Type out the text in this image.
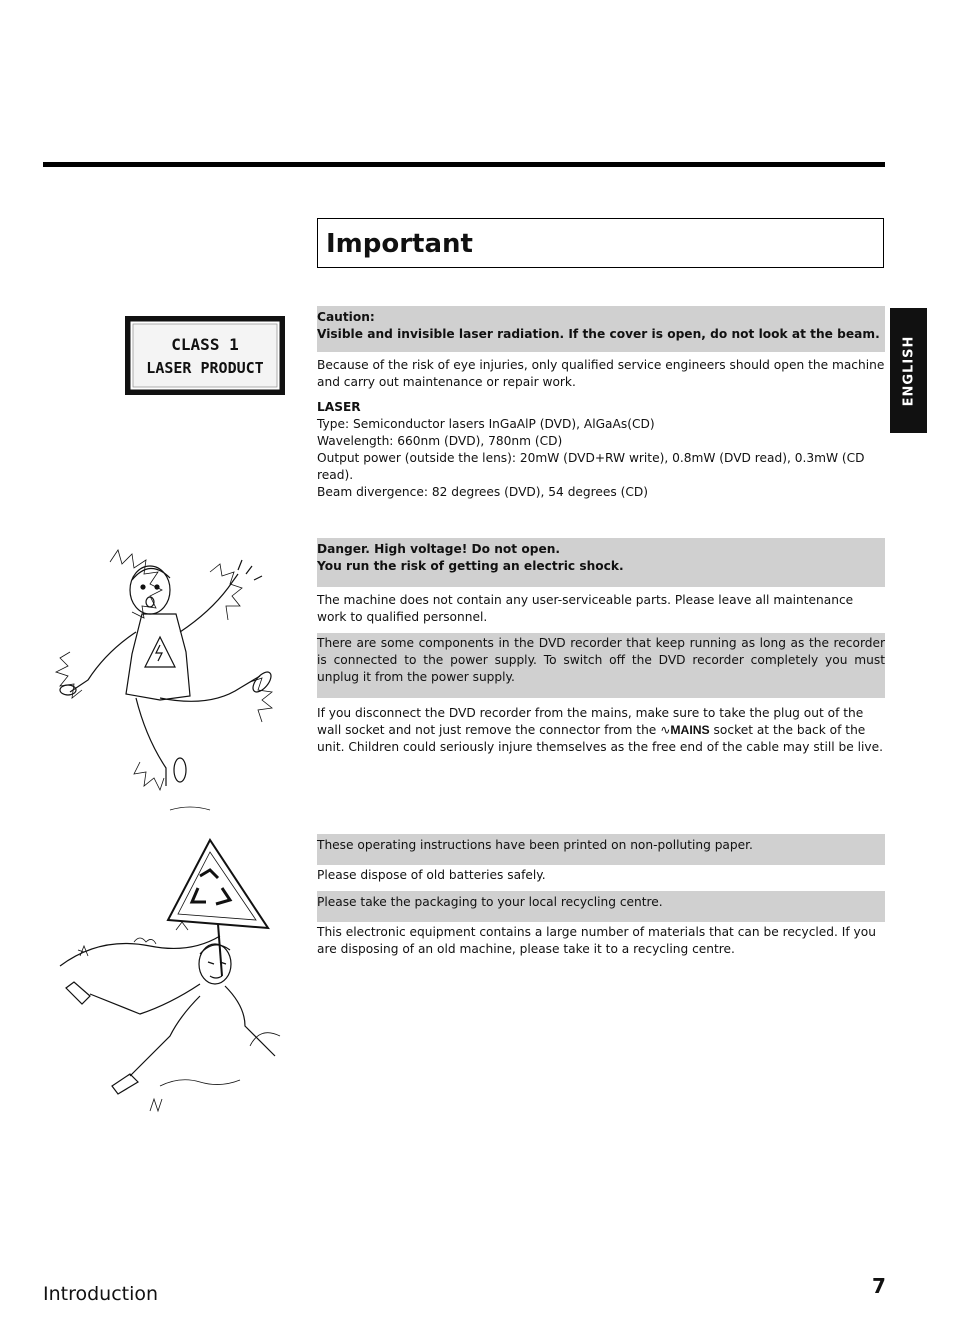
Important
ENGLISH
CLASS 1
LASER PRODUCT

Caution:

Visible and invisible laser radiation. If the cover is open, do not look at the beam.

Because of the risk of eye injuries, only qualified service engineers should open the machine and carry out maintenance or repair work.

LASER

Type: Semiconductor lasers InGaAlP (DVD), AlGaAs(CD)

Wavelength: 660nm (DVD), 780nm (CD)

Output power (outside the lens): 20mW (DVD+RW write), 0.8mW (DVD read), 0.3mW (CD read).

Beam divergence: 82 degrees (DVD), 54 degrees (CD)

Danger. High voltage! Do not open.

You run the risk of getting an electric shock.

The machine does not contain any user-serviceable parts. Please leave all maintenance work to qualified personnel.

There are some components in the DVD recorder that keep running as long as the recorder is connected to the power supply. To switch off the DVD recorder completely you must unplug it from the power supply.

If you disconnect the DVD recorder from the mains, make sure to take the plug out of the wall socket and not just remove the connector from the ∿MAINS socket at the back of the unit. Children could seriously injure themselves as the free end of the cable may still be live.

These operating instructions have been printed on non-polluting paper.

Please dispose of old batteries safely.

Please take the packaging to your local recycling centre.

This electronic equipment contains a large number of materials that can be recycled. If you are disposing of an old machine, please take it to a recycling centre.

Introduction	7
